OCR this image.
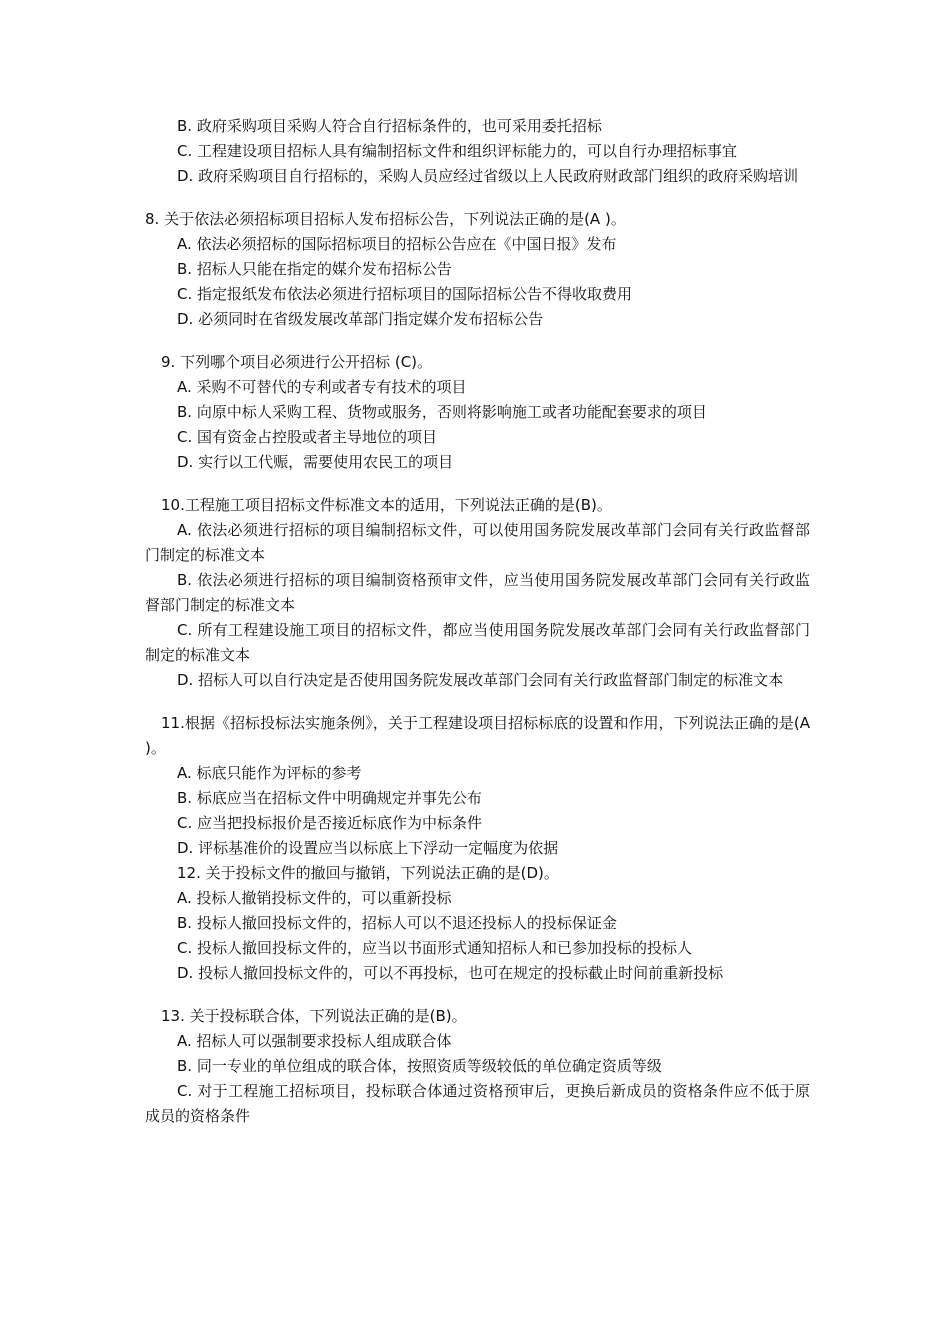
B. 政府采购项目采购人符合自行招标条件的，也可采用委托招标
C. 工程建设项目招标人具有编制招标文件和组织评标能力的，可以自行办理招标事宜
D. 政府采购项目自行招标的，采购人员应经过省级以上人民政府财政部门组织的政府采购培训
8. 关于依法必须招标项目招标人发布招标公告，下列说法正确的是(A )。
A. 依法必须招标的国际招标项目的招标公告应在《中国日报》发布
B. 招标人只能在指定的媒介发布招标公告
C. 指定报纸发布依法必须进行招标项目的国际招标公告不得收取费用
D. 必须同时在省级发展改革部门指定媒介发布招标公告
9. 下列哪个项目必须进行公开招标 (C)。
A. 采购不可替代的专利或者专有技术的项目
B. 向原中标人采购工程、货物或服务，否则将影响施工或者功能配套要求的项目
C. 国有资金占控股或者主导地位的项目
D. 实行以工代赈，需要使用农民工的项目
10.工程施工项目招标文件标准文本的适用，下列说法正确的是(B)。
A. 依法必须进行招标的项目编制招标文件，可以使用国务院发展改革部门会同有关行政监督部门制定的标准文本
B. 依法必须进行招标的项目编制资格预审文件，应当使用国务院发展改革部门会同有关行政监督部门制定的标准文本
C. 所有工程建设施工项目的招标文件，都应当使用国务院发展改革部门会同有关行政监督部门制定的标准文本
D. 招标人可以自行决定是否使用国务院发展改革部门会同有关行政监督部门制定的标准文本
11.根据《招标投标法实施条例》，关于工程建设项目招标标底的设置和作用，下列说法正确的是(A )。
A. 标底只能作为评标的参考
B. 标底应当在招标文件中明确规定并事先公布
C. 应当把投标报价是否接近标底作为中标条件
D. 评标基准价的设置应当以标底上下浮动一定幅度为依据
12. 关于投标文件的撤回与撤销，下列说法正确的是(D)。
A. 投标人撤销投标文件的，可以重新投标
B. 投标人撤回投标文件的，招标人可以不退还投标人的投标保证金
C. 投标人撤回投标文件的，应当以书面形式通知招标人和已参加投标的投标人
D. 投标人撤回投标文件的，可以不再投标，也可在规定的投标截止时间前重新投标
13. 关于投标联合体，下列说法正确的是(B)。
A. 招标人可以强制要求投标人组成联合体
B. 同一专业的单位组成的联合体，按照资质等级较低的单位确定资质等级
C. 对于工程施工招标项目，投标联合体通过资格预审后，更换后新成员的资格条件应不低于原成员的资格条件
